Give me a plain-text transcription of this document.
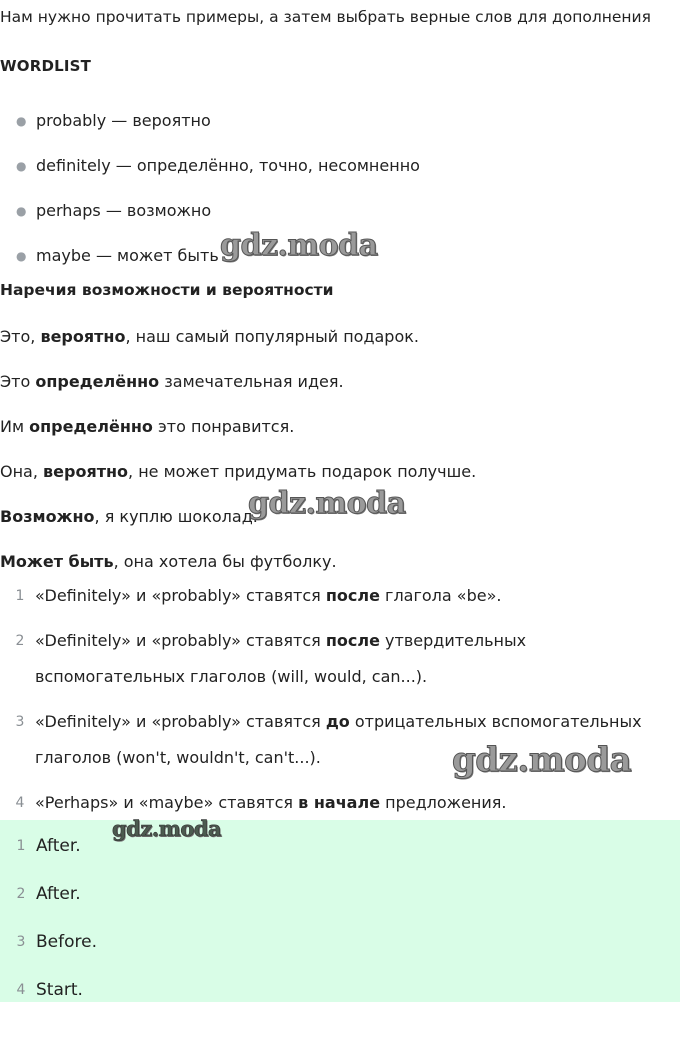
Нам нужно прочитать примеры, а затем выбрать верные слов для дополнения
WORDLIST
● probably — вероятно
● definitely — определённо, точно, несомненно
● perhaps — возможно
● maybe — может быть
Наречия возможности и вероятности
Это, вероятно, наш самый популярный подарок.
Это определённо замечательная идея.
Им определённо это понравится.
Она, вероятно, не может придумать подарок получше.
Возможно, я куплю шоколад.
Может быть, она хотела бы футболку.
1 «Definitely» и «probably» ставятся после глагола «be».
2 «Definitely» и «probably» ставятся после утвердительных вспомогательных глаголов (will, would, can...).
3 «Definitely» и «probably» ставятся до отрицательных вспомогательных глаголов (won't, wouldn't, can't...).
4 «Perhaps» и «maybe» ставятся в начале предложения.
1 After.
2 After.
3 Before.
4 Start.
gdz.moda
gdz.moda
gdz.moda
gdz.moda
